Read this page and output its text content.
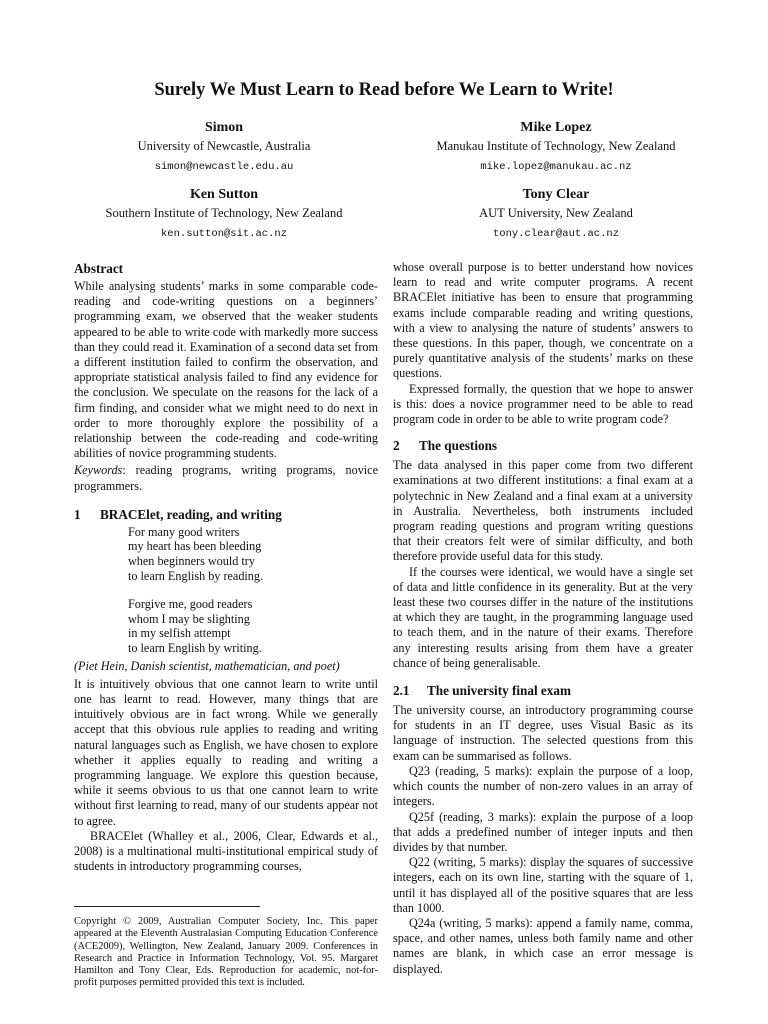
Surely We Must Learn to Read before We Learn to Write!
Simon
University of Newcastle, Australia
simon@newcastle.edu.au
Mike Lopez
Manukau Institute of Technology, New Zealand
mike.lopez@manukau.ac.nz
Ken Sutton
Southern Institute of Technology, New Zealand
ken.sutton@sit.ac.nz
Tony Clear
AUT University, New Zealand
tony.clear@aut.ac.nz
Abstract

While analysing students’ marks in some comparable code-reading and code-writing questions on a beginners’ programming exam, we observed that the weaker students appeared to be able to write code with markedly more success than they could read it. Examination of a second data set from a different institution failed to confirm the observation, and appropriate statistical analysis failed to find any evidence for the conclusion. We speculate on the reasons for the lack of a firm finding, and consider what we might need to do next in order to more thoroughly explore the possibility of a relationship between the code-reading and code-writing abilities of novice programming students.

Keywords: reading programs, writing programs, novice programmers.

1 BRACElet, reading, and writing
For many good writers
my heart has been bleeding
when beginners would try
to learn English by reading.
Forgive me, good readers
whom I may be slighting
in my selfish attempt
to learn English by writing.

(Piet Hein, Danish scientist, mathematician, and poet)

It is intuitively obvious that one cannot learn to write until one has learnt to read. However, many things that are intuitively obvious are in fact wrong. While we generally accept that this obvious rule applies to reading and writing natural languages such as English, we have chosen to explore whether it applies equally to reading and writing a programming language. We explore this question because, while it seems obvious to us that one cannot learn to write without first learning to read, many of our students appear not to agree.

BRACElet (Whalley et al., 2006, Clear, Edwards et al., 2008) is a multinational multi-institutional empirical study of students in introductory programming courses,

Copyright © 2009, Australian Computer Society, Inc. This paper appeared at the Eleventh Australasian Computing Education Conference (ACE2009), Wellington, New Zealand, January 2009. Conferences in Research and Practice in Information Technology, Vol. 95. Margaret Hamilton and Tony Clear, Eds. Reproduction for academic, not-for-profit purposes permitted provided this text is included.

whose overall purpose is to better understand how novices learn to read and write computer programs. A recent BRACElet initiative has been to ensure that programming exams include comparable reading and writing questions, with a view to analysing the nature of students’ answers to these questions. In this paper, though, we concentrate on a purely quantitative analysis of the students’ marks on these questions.

Expressed formally, the question that we hope to answer is this: does a novice programmer need to be able to read program code in order to be able to write program code?

2 The questions

The data analysed in this paper come from two different examinations at two different institutions: a final exam at a polytechnic in New Zealand and a final exam at a university in Australia. Nevertheless, both instruments included program reading questions and program writing questions that their creators felt were of similar difficulty, and both therefore provide useful data for this study.

If the courses were identical, we would have a single set of data and little confidence in its generality. But at the very least these two courses differ in the nature of the institutions at which they are taught, in the programming language used to teach them, and in the nature of their exams. Therefore any interesting results arising from them have a greater chance of being generalisable.

2.1 The university final exam

The university course, an introductory programming course for students in an IT degree, uses Visual Basic as its language of instruction. The selected questions from this exam can be summarised as follows.

Q23 (reading, 5 marks): explain the purpose of a loop, which counts the number of non-zero values in an array of integers.

Q25f (reading, 3 marks): explain the purpose of a loop that adds a predefined number of integer inputs and then divides by that number.

Q22 (writing, 5 marks): display the squares of successive integers, each on its own line, starting with the square of 1, until it has displayed all of the positive squares that are less than 1000.

Q24a (writing, 5 marks): append a family name, comma, space, and other names, unless both family name and other names are blank, in which case an error message is displayed.
